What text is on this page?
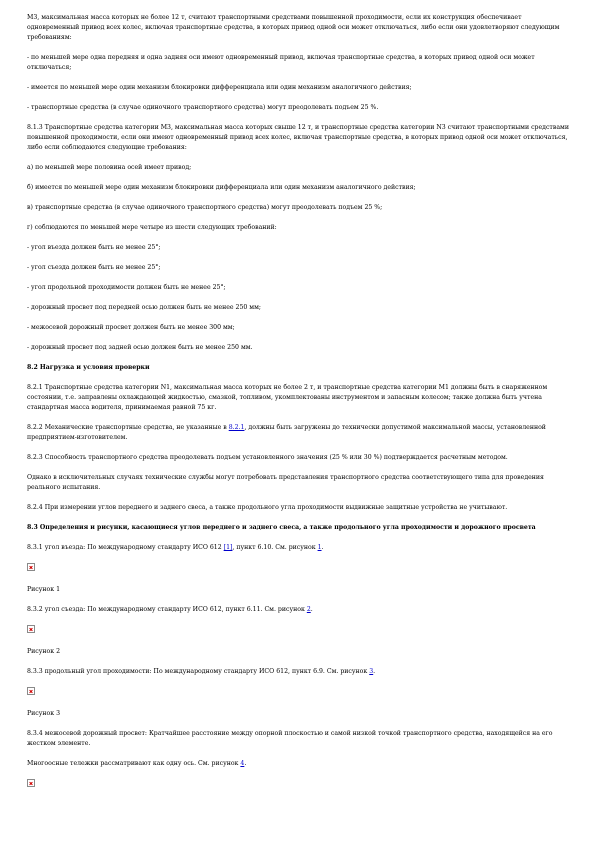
М3, максимальная масса которых не более 12 т, считают транспортными средствами повышенной проходимости, если их конструкция обеспечивает одновременный привод всех колес, включая транспортные средства, в которых привод одной оси может отключаться, либо если они удовлетворяют следующим требованиям:

- по меньшей мере одна передняя и одна задняя оси имеют одновременный привод, включая транспортные средства, в которых привод одной оси может отключаться;

- имеется по меньшей мере один механизм блокировки дифференциала или один механизм аналогичного действия;

- транспортные средства (в случае одиночного транспортного средства) могут преодолевать подъем 25 %.

8.1.3 Транспортные средства категории М3, максимальная масса которых свыше 12 т, и транспортные средства категории N3 считают транспортными средствами повышенной проходимости, если они имеют одновременный привод всех колес, включая транспортные средства, в которых привод одной оси может отключаться, либо если соблюдаются следующие требования:

а) по меньшей мере половина осей имеет привод;

б) имеется по меньшей мере один механизм блокировки дифференциала или один механизм аналогичного действия;

в) транспортные средства (в случае одиночного транспортного средства) могут преодолевать подъем 25 %;

г) соблюдаются по меньшей мере четыре из шести следующих требований:

- угол въезда должен быть не менее 25°;

- угол съезда должен быть не менее 25°;

- угол продольной проходимости должен быть не менее 25°;

- дорожный просвет под передней осью должен быть не менее 250 мм;

- межосевой дорожный просвет должен быть не менее 300 мм;

- дорожный просвет под задней осью должен быть не менее 250 мм.

8.2 Нагрузка и условия проверки

8.2.1 Транспортные средства категории N1, максимальная масса которых не более 2 т, и транспортные средства категории М1 должны быть в снаряженном состоянии, т.е. заправлены охлаждающей жидкостью, смазкой, топливом, укомплектованы инструментом и запасным колесом; также должна быть учтена стандартная масса водителя, принимаемая равной 75 кг.

8.2.2 Механические транспортные средства, не указанные в 8.2.1, должны быть загружены до технически допустимой максимальной массы, установленной предприятием-изготовителем.

8.2.3 Способность транспортного средства преодолевать подъем установленного значения (25 % или 30 %) подтверждается расчетным методом.

Однако в исключительных случаях технические службы могут потребовать представления транспортного средства соответствующего типа для проведения реального испытания.

8.2.4 При измерении углов переднего и заднего свеса, а также продольного угла проходимости выдвижные защитные устройства не учитывают.

8.3 Определения и рисунки, касающиеся углов переднего и заднего свеса, а также продольного угла проходимости и дорожного просвета

8.3.1 угол въезда: По международному стандарту ИСО 612 [1], пункт 6.10. См. рисунок 1.

Рисунок 1

8.3.2 угол съезда: По международному стандарту ИСО 612, пункт 6.11. См. рисунок 2.

Рисунок 2

8.3.3 продольный угол проходимости: По международному стандарту ИСО 612, пункт 6.9. См. рисунок 3.

Рисунок 3

8.3.4 межосевой дорожный просвет: Кратчайшее расстояние между опорной плоскостью и самой низкой точкой транспортного средства, находящейся на его жестком элементе.

Многоосные тележки рассматривают как одну ось. См. рисунок 4.
